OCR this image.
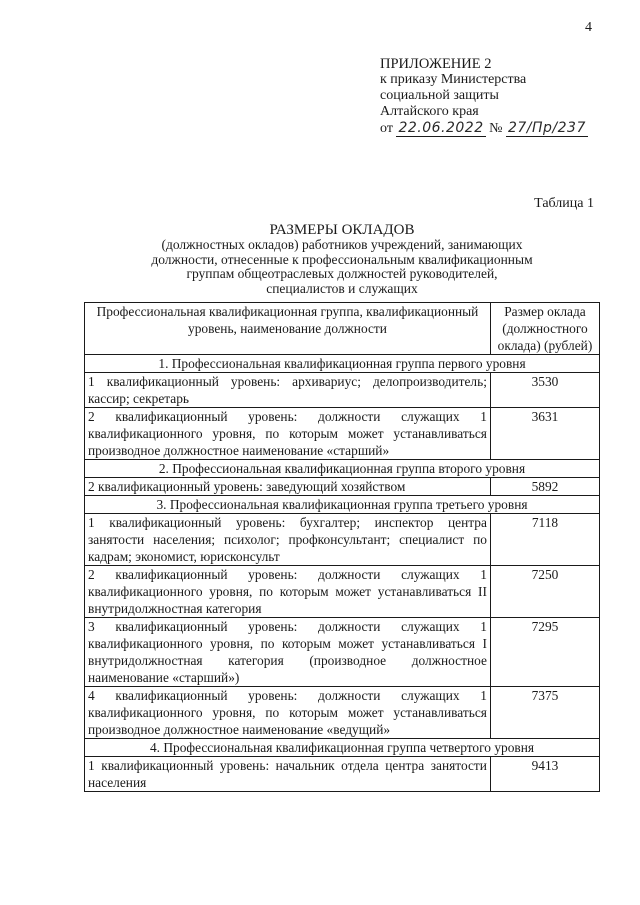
4
ПРИЛОЖЕНИЕ 2
к приказу Министерства
социальной защиты
Алтайского края
от 22.06.2022 № 27/Пр/237
Таблица 1
РАЗМЕРЫ ОКЛАДОВ
(должностных окладов) работников учреждений, занимающих
должности, отнесенные к профессиональным квалификационным
группам общеотраслевых должностей руководителей,
специалистов и служащих
Профессиональная квалификационная группа, квалификационный уровень, наименование должности	Размер оклада (должностного оклада) (рублей)
1. Профессиональная квалификационная группа первого уровня	
1 квалификационный уровень: архивариус; делопроизводитель; кассир; секретарь	3530
2 квалификационный уровень: должности служащих 1 квалификационного уровня, по которым может устанавливаться производное должностное наименование «старший»	3631
2. Профессиональная квалификационная группа второго уровня	
2 квалификационный уровень: заведующий хозяйством	5892
3. Профессиональная квалификационная группа третьего уровня	
1 квалификационный уровень: бухгалтер; инспектор центра занятости населения; психолог; профконсультант; специалист по кадрам; экономист, юрисконсульт	7118
2 квалификационный уровень: должности служащих 1 квалификационного уровня, по которым может устанавливаться II внутридолжностная категория	7250
3 квалификационный уровень: должности служащих 1 квалификационного уровня, по которым может устанавливаться I внутридолжностная категория (производное должностное наименование «старший»)	7295
4 квалификационный уровень: должности служащих 1 квалификационного уровня, по которым может устанавливаться производное должностное наименование «ведущий»	7375
4. Профессиональная квалификационная группа четвертого уровня	
1 квалификационный уровень: начальник отдела центра занятости населения	9413
